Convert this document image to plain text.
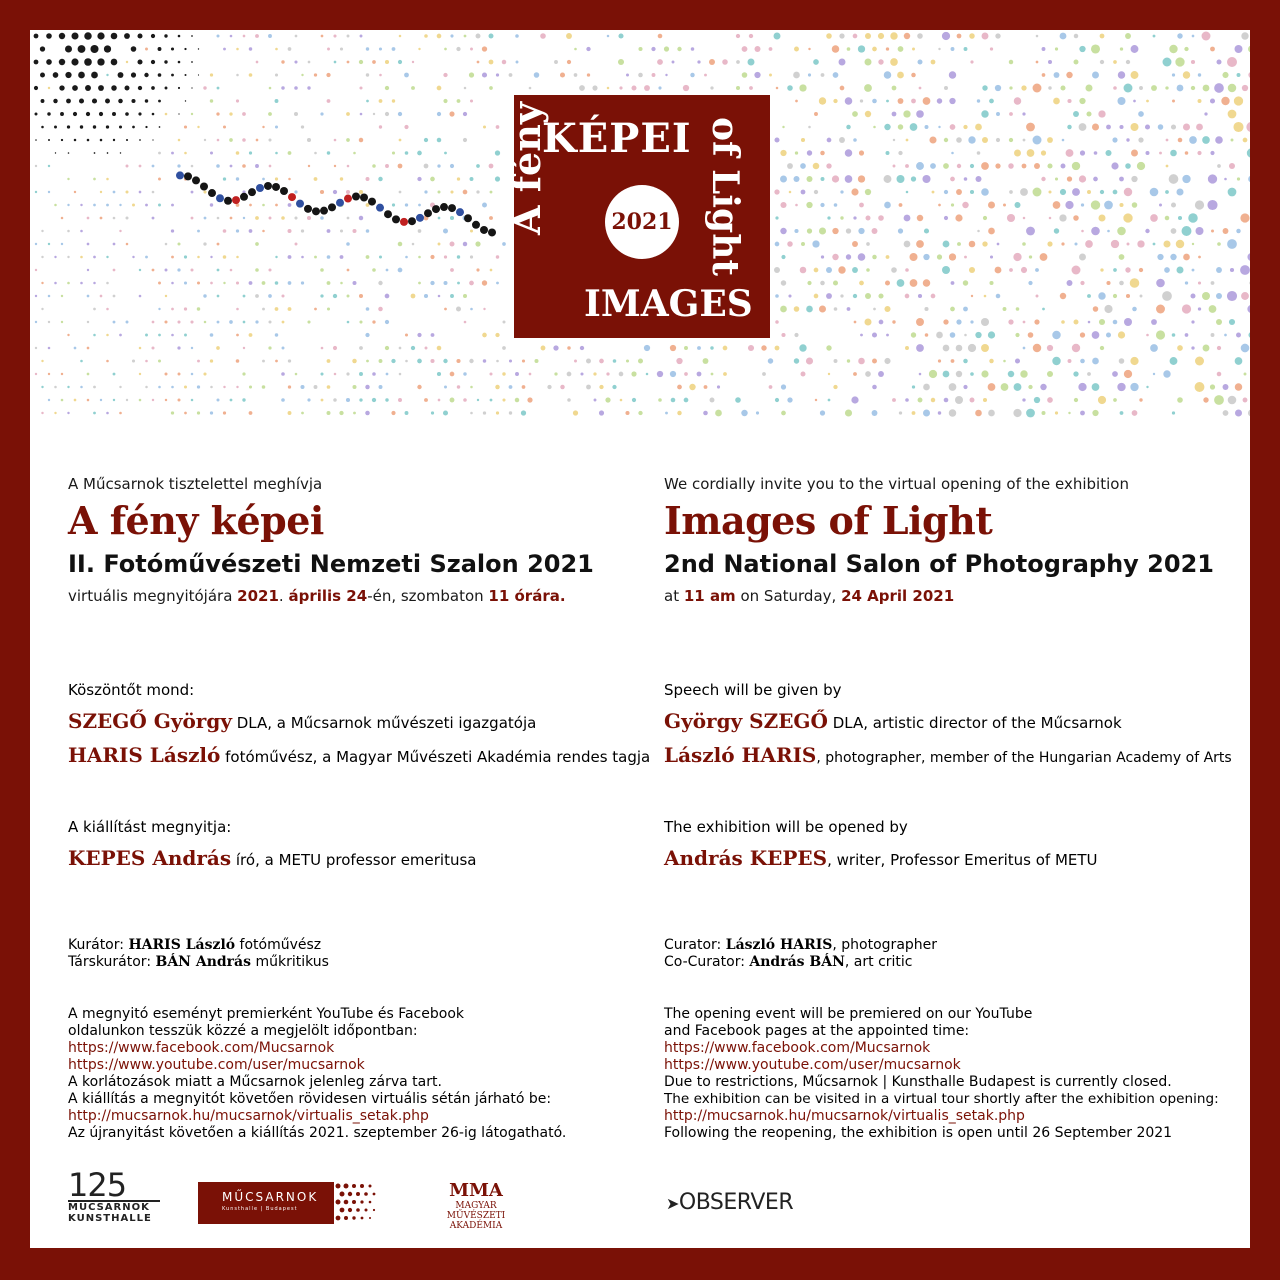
KÉPEI
A fény	2021 of Light
IMAGES
A Műcsarnok tisztelettel meghívja
A fény képei
II. Fotóművészeti Nemzeti Szalon 2021
virtuális megnyitójára 2021. április 24-én, szombaton 11 órára.
Köszöntőt mond:
SZEGŐ György DLA, a Műcsarnok művészeti igazgatója
HARIS László fotóművész, a Magyar Művészeti Akadémia rendes tagja
A kiállítást megnyitja:
KEPES András író, a METU professor emeritusa
Kurátor: HARIS László fotóművész
Társkurátor: BÁN András műkritikus
A megnyitó eseményt premierként YouTube és Facebook
oldalunkon tesszük közzé a megjelölt időpontban:
https://www.facebook.com/Mucsarnok
https://www.youtube.com/user/mucsarnok
A korlátozások miatt a Műcsarnok jelenleg zárva tart.
A kiállítás a megnyitót követően rövidesen virtuális sétán járható be:
http://mucsarnok.hu/mucsarnok/virtualis_setak.php
Az újranyitást követően a kiállítás 2021. szeptember 26-ig látogatható.
We cordially invite you to the virtual opening of the exhibition
Images of Light
2nd National Salon of Photography 2021
at 11 am on Saturday, 24 April 2021
Speech will be given by
György SZEGŐ DLA, artistic director of the Műcsarnok
László HARIS, photographer, member of the Hungarian Academy of Arts
The exhibition will be opened by
András KEPES, writer, Professor Emeritus of METU
Curator: László HARIS, photographer
Co-Curator: András BÁN, art critic
The opening event will be premiered on our YouTube
and Facebook pages at the appointed time:
https://www.facebook.com/Mucsarnok
https://www.youtube.com/user/mucsarnok
Due to restrictions, Műcsarnok | Kunsthalle Budapest is currently closed.
The exhibition can be visited in a virtual tour shortly after the exhibition opening:
http://mucsarnok.hu/mucsarnok/virtualis_setak.php
Following the reopening, the exhibition is open until 26 September 2021
125
MŰCSARNOK
KUNSTHALLE
MŰCSARNOK
Kunsthalle | Budapest
MMA
MAGYAR MŰVÉSZETI
AKADÉMIA
➤OBSERVER
